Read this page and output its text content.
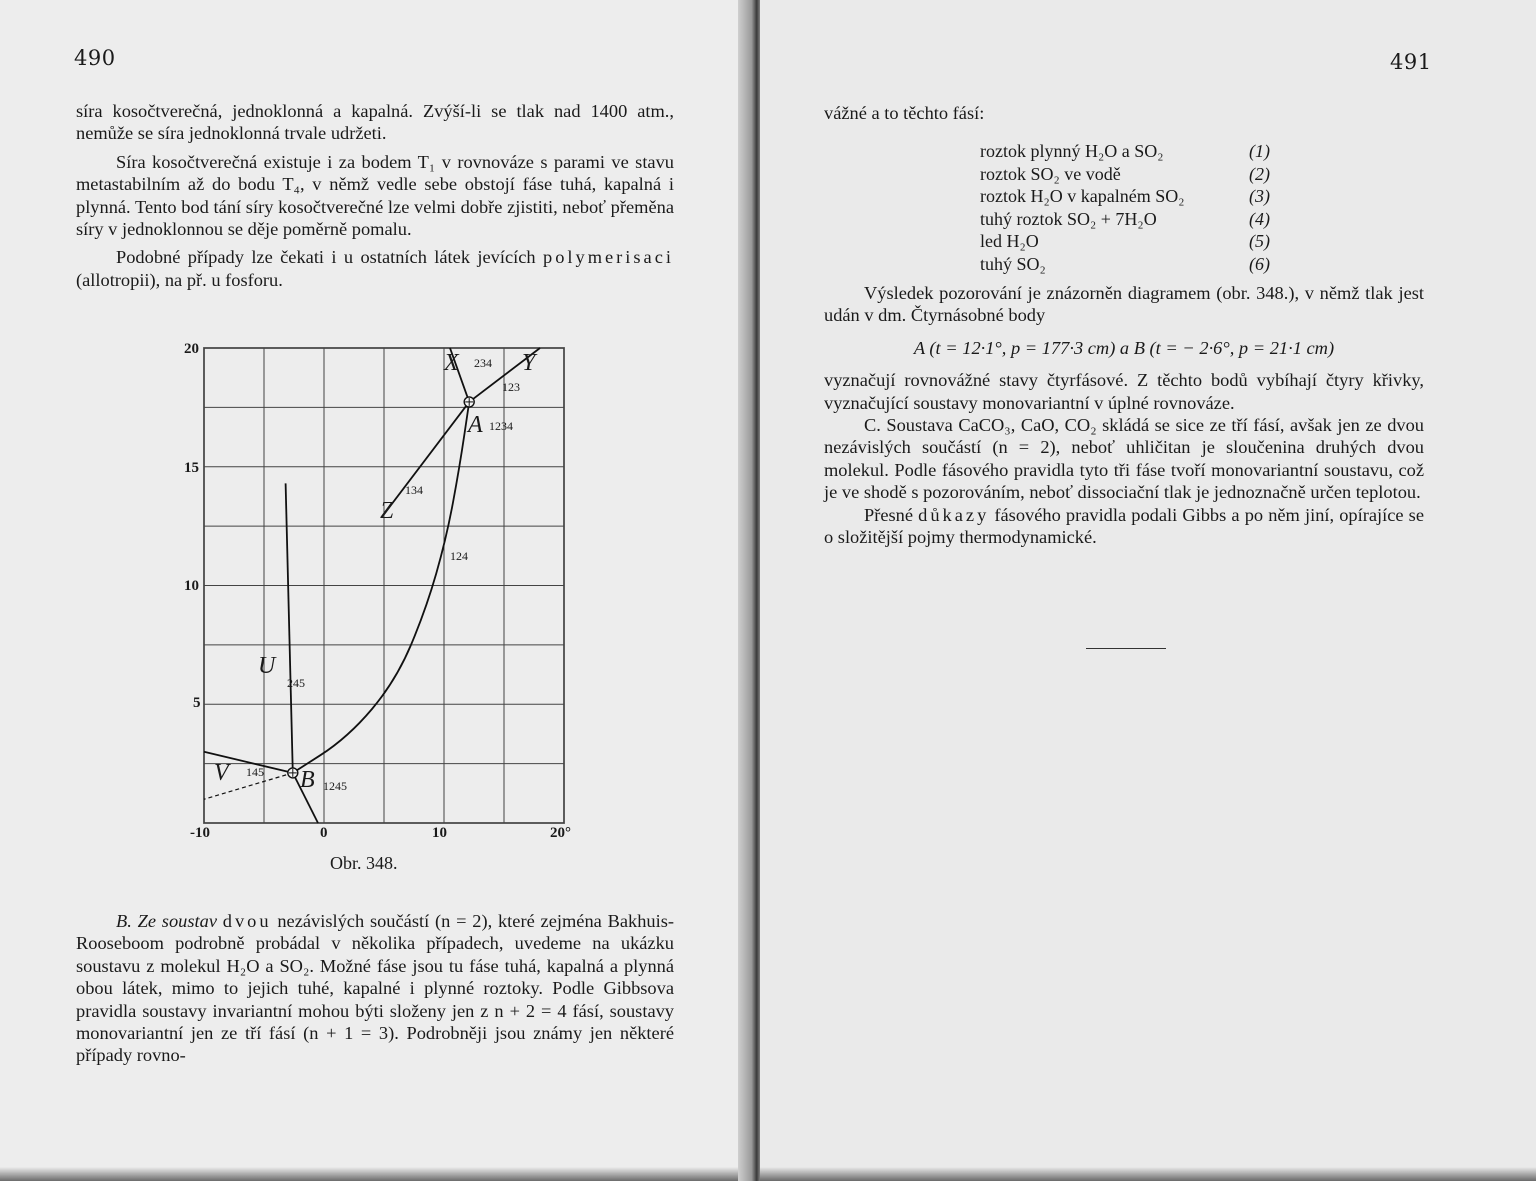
490

síra kosočtverečná, jednoklonná a kapalná. Zvýší-li se tlak nad 1400 atm., nemůže se síra jednoklonná trvale udržeti.

Síra kosočtverečná existuje i za bodem T₁ v rovnováze s parami ve stavu metastabilním až do bodu T₄, v němž vedle sebe obstojí fáse tuhá, kapalná i plynná. Tento bod tání síry kosočtverečné lze velmi dobře zjistiti, neboť přeměna síry v jednoklonnou se děje poměrně pomalu.

Podobné případy lze čekati i u ostatních látek jevících polymerisaci (allotropii), na př. u fosforu.

-10	0	10	20°
20
15
10
5
X	Y
A
Z
U
V	B
234
123
1234
134
124
245
145
1245
Obr. 348.

B. Ze soustav dvou nezávislých součástí (n = 2), které zejména Bakhuis-Rooseboom podrobně probádal v několika případech, uvedeme na ukázku soustavu z molekul H₂O a SO₂. Možné fáse jsou tu fáse tuhá, kapalná a plynná obou látek, mimo to jejich tuhé, kapalné i plynné roztoky. Podle Gibbsova pravidla soustavy invariantní mohou býti složeny jen z n + 2 = 4 fásí, soustavy monovariantní jen ze tří fásí (n + 1 = 3). Podrobněji jsou známy jen některé případy rovno-

491
vážné a to těchto fásí:
roztok plynný H₂O a SO₂	(1)
roztok SO₂ ve vodě	(2)
roztok H₂O v kapalném SO₂	(3)
tuhý roztok SO₂ + 7H₂O	(4)
led H₂O	(5)
tuhý SO₂	(6)

Výsledek pozorování je znázorněn diagramem (obr. 348.), v němž tlak jest udán v dm. Čtyrnásobné body

A (t = 12·1°, p = 177·3 cm) a B (t = − 2·6°, p = 21·1 cm)

vyznačují rovnovážné stavy čtyrfásové. Z těchto bodů vybíhají čtyry křivky, vyznačující soustavy monovariantní v úplné rovnováze.

C. Soustava CaCO₃, CaO, CO₂ skládá se sice ze tří fásí, avšak jen ze dvou nezávislých součástí (n = 2), neboť uhličitan je sloučenina druhých dvou molekul. Podle fásového pravidla tyto tři fáse tvoří monovariantní soustavu, což je ve shodě s pozorováním, neboť dissociační tlak je jednoznačně určen teplotou.

Přesné důkazy fásového pravidla podali Gibbs a po něm jiní, opírajíce se o složitější pojmy thermodynamické.
